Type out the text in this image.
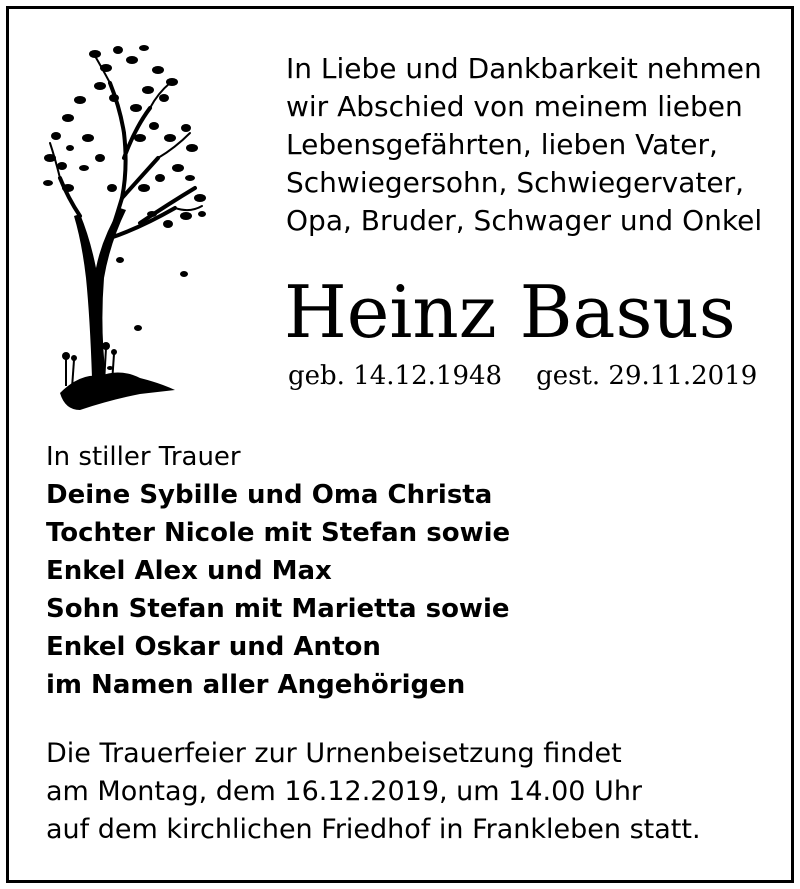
In Liebe und Dankbarkeit nehmen
wir Abschied von meinem lieben
Lebensgefährten, lieben Vater,
Schwiegersohn, Schwiegervater,
Opa, Bruder, Schwager und Onkel
Heinz Basus
geb. 14.12.1948 gest. 29.11.2019
In stiller Trauer
Deine Sybille und Oma Christa
Tochter Nicole mit Stefan sowie
Enkel Alex und Max
Sohn Stefan mit Marietta sowie
Enkel Oskar und Anton
im Namen aller Angehörigen
Die Trauerfeier zur Urnenbeisetzung findet
am Montag, dem 16.12.2019, um 14.00 Uhr
auf dem kirchlichen Friedhof in Frankleben statt.
